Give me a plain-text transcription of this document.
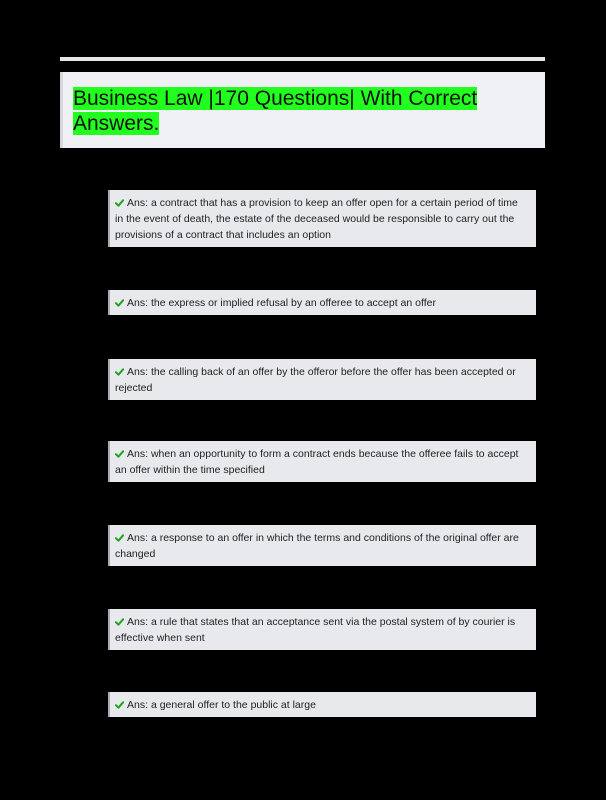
Business Law |170 Questions| With Correct Answers.
Ans: a contract that has a provision to keep an offer open for a certain period of time in the event of death, the estate of the deceased would be responsible to carry out the provisions of a contract that includes an option
Ans: the express or implied refusal by an offeree to accept an offer
Ans: the calling back of an offer by the offeror before the offer has been accepted or rejected
Ans: when an opportunity to form a contract ends because the offeree fails to accept an offer within the time specified
Ans: a response to an offer in which the terms and conditions of the original offer are changed
Ans: a rule that states that an acceptance sent via the postal system of by courier is effective when sent
Ans: a general offer to the public at large
